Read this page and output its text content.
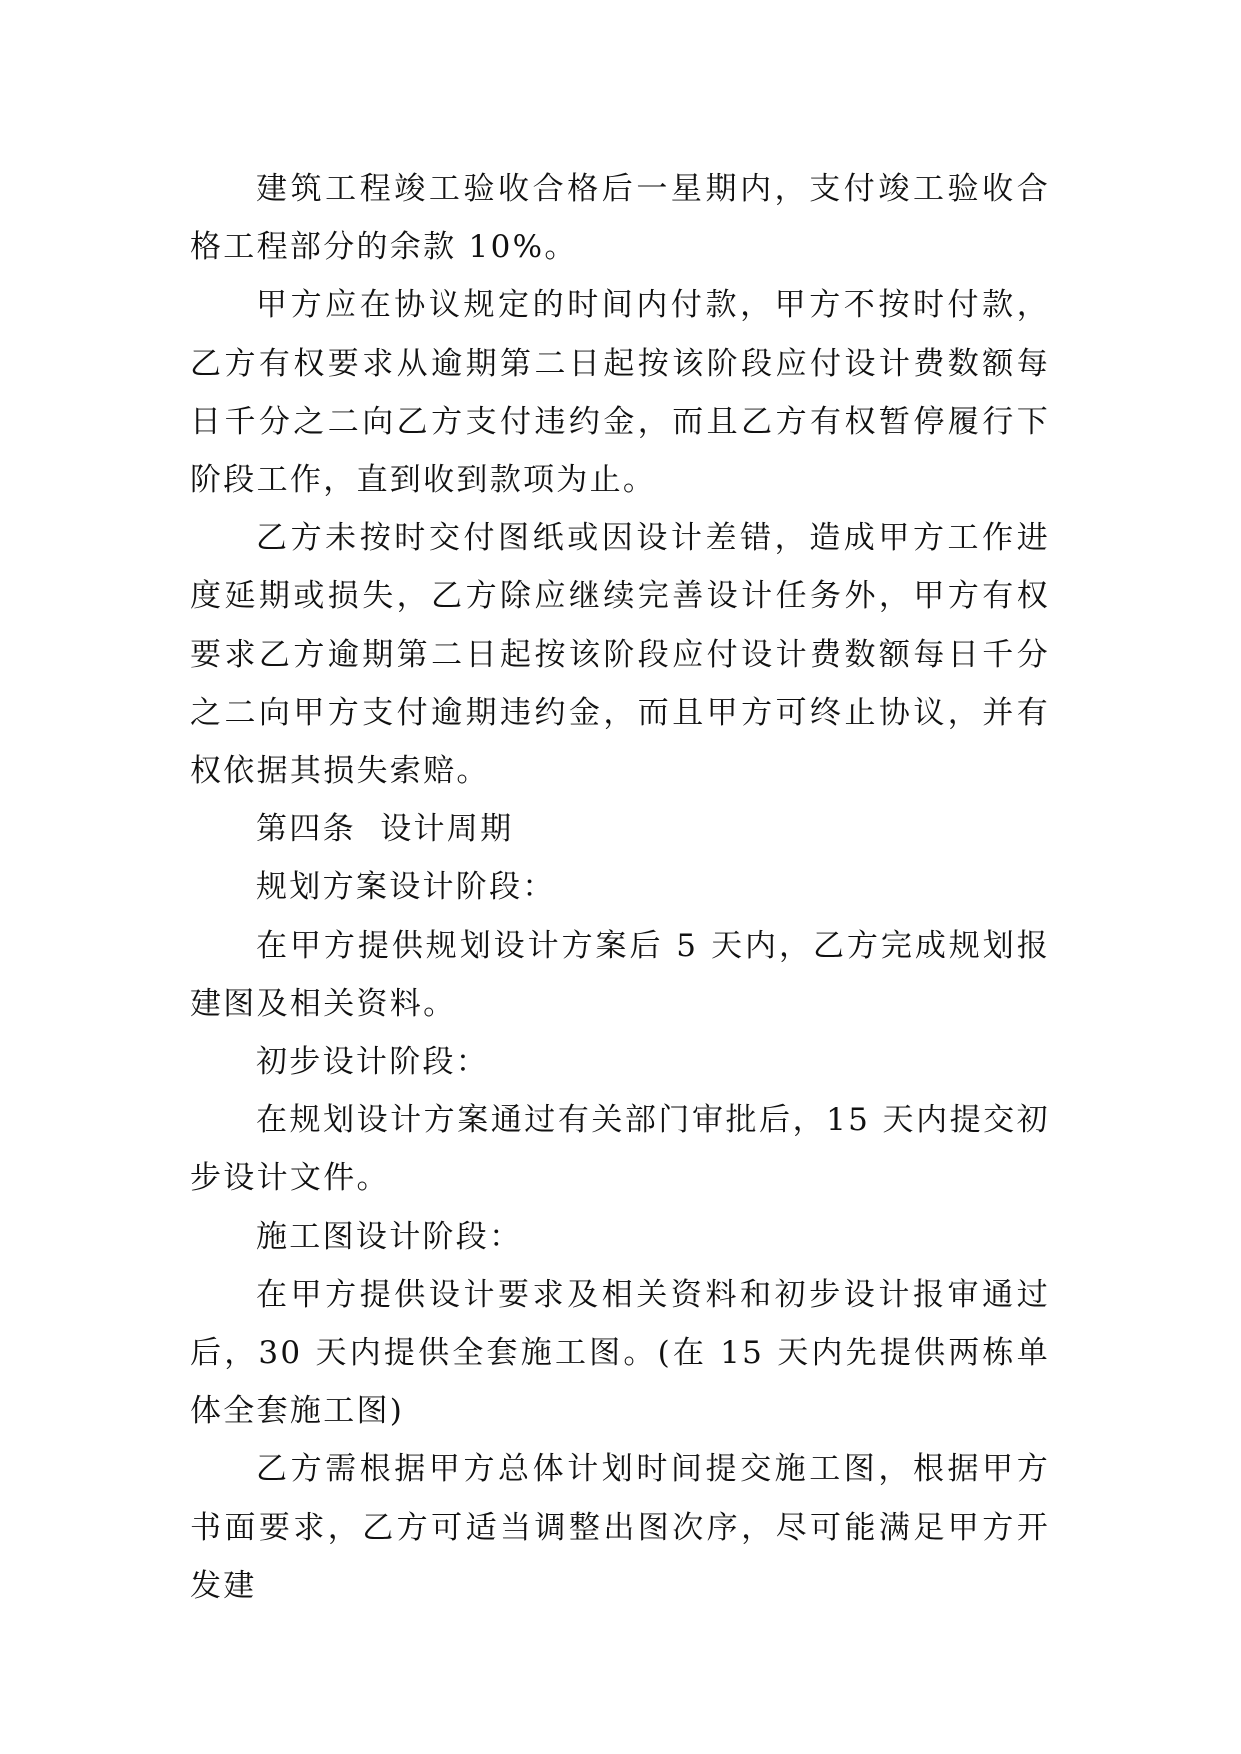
建筑工程竣工验收合格后一星期内，支付竣工验收合格工程部分的余款 10%。

甲方应在协议规定的时间内付款，甲方不按时付款，乙方有权要求从逾期第二日起按该阶段应付设计费数额每日千分之二向乙方支付违约金，而且乙方有权暂停履行下阶段工作，直到收到款项为止。

乙方未按时交付图纸或因设计差错，造成甲方工作进度延期或损失，乙方除应继续完善设计任务外，甲方有权要求乙方逾期第二日起按该阶段应付设计费数额每日千分之二向甲方支付逾期违约金，而且甲方可终止协议，并有权依据其损失索赔。

第四条  设计周期

规划方案设计阶段：

在甲方提供规划设计方案后 5 天内，乙方完成规划报建图及相关资料。

初步设计阶段：

在规划设计方案通过有关部门审批后，15 天内提交初步设计文件。

施工图设计阶段：

在甲方提供设计要求及相关资料和初步设计报审通过后，30 天内提供全套施工图。(在 15 天内先提供两栋单体全套施工图)

乙方需根据甲方总体计划时间提交施工图，根据甲方书面要求，乙方可适当调整出图次序，尽可能满足甲方开发建
